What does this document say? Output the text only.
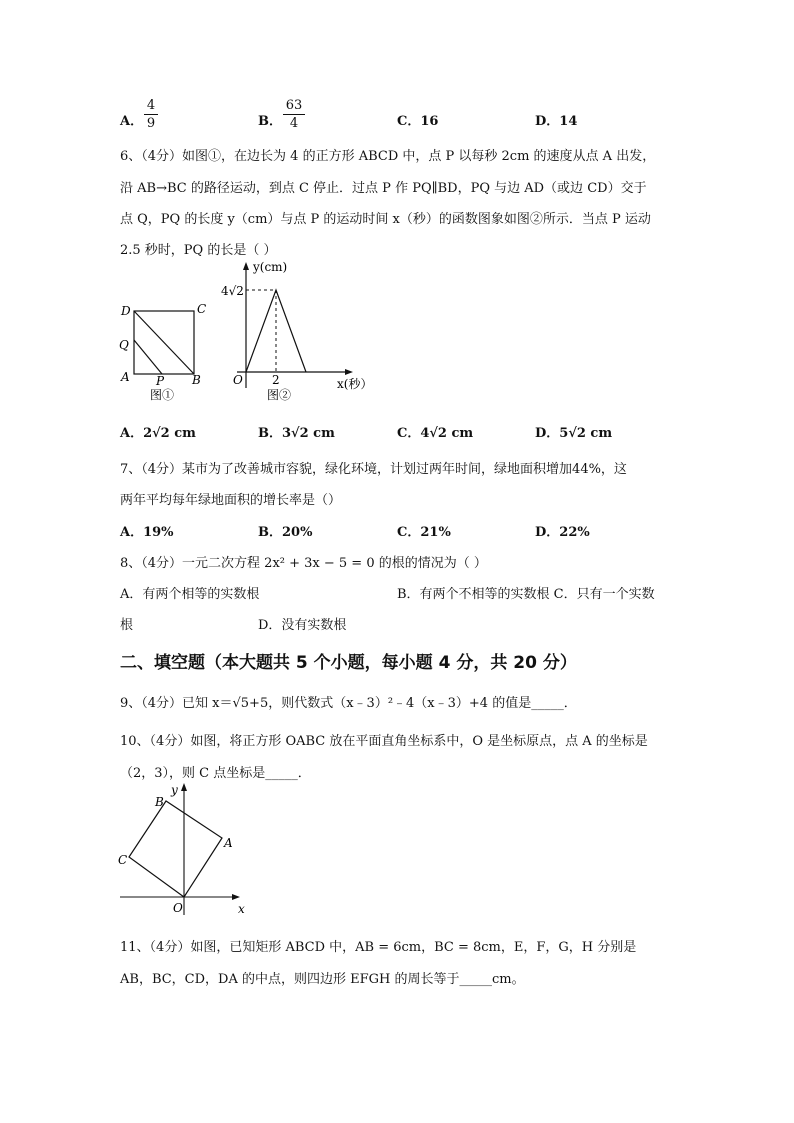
A．
4
9	B．
63
4	C．16	D．14
6、（4分）如图①，在边长为 4 的正方形 ABCD 中，点 P 以每秒 2cm 的速度从点 A 出发，
沿 AB→BC 的路径运动，到点 C 停止．过点 P 作 PQ∥BD，PQ 与边 AD（或边 CD）交于
点 Q，PQ 的长度 y（cm）与点 P 的运动时间 x（秒）的函数图象如图②所示．当点 P 运动
2.5 秒时，PQ 的长是（ ）
D	C
Q
A P B
图①
y(cm)
4√2
2
O	x(秒）
图②
A．2√2 cm	B．3√2 cm	C．4√2 cm	D．5√2 cm
7、（4分）某市为了改善城市容貌，绿化环境，计划过两年时间，绿地面积增加44%，这
两年平均每年绿地面积的增长率是（）
A．19%	B．20%	C．21%	D．22%
8、（4分）一元二次方程 2x² + 3x − 5 = 0 的根的情况为（ ）
A．有两个相等的实数根	B．有两个不相等的实数根 C．只有一个实数
根	D．没有实数根
二、填空题（本大题共 5 个小题，每小题 4 分，共 20 分）
9、（4分）已知 x＝√5+5，则代数式（x﹣3）²﹣4（x﹣3）+4 的值是_____．
10、（4分）如图，将正方形 OABC 放在平面直角坐标系中，O 是坐标原点，点 A 的坐标是
（2，3），则 C 点坐标是_____．
y
B
A
C
O	x
11、（4分）如图，已知矩形 ABCD 中，AB = 6cm，BC = 8cm，E，F，G，H 分别是
AB，BC，CD，DA 的中点，则四边形 EFGH 的周长等于_____cm。
